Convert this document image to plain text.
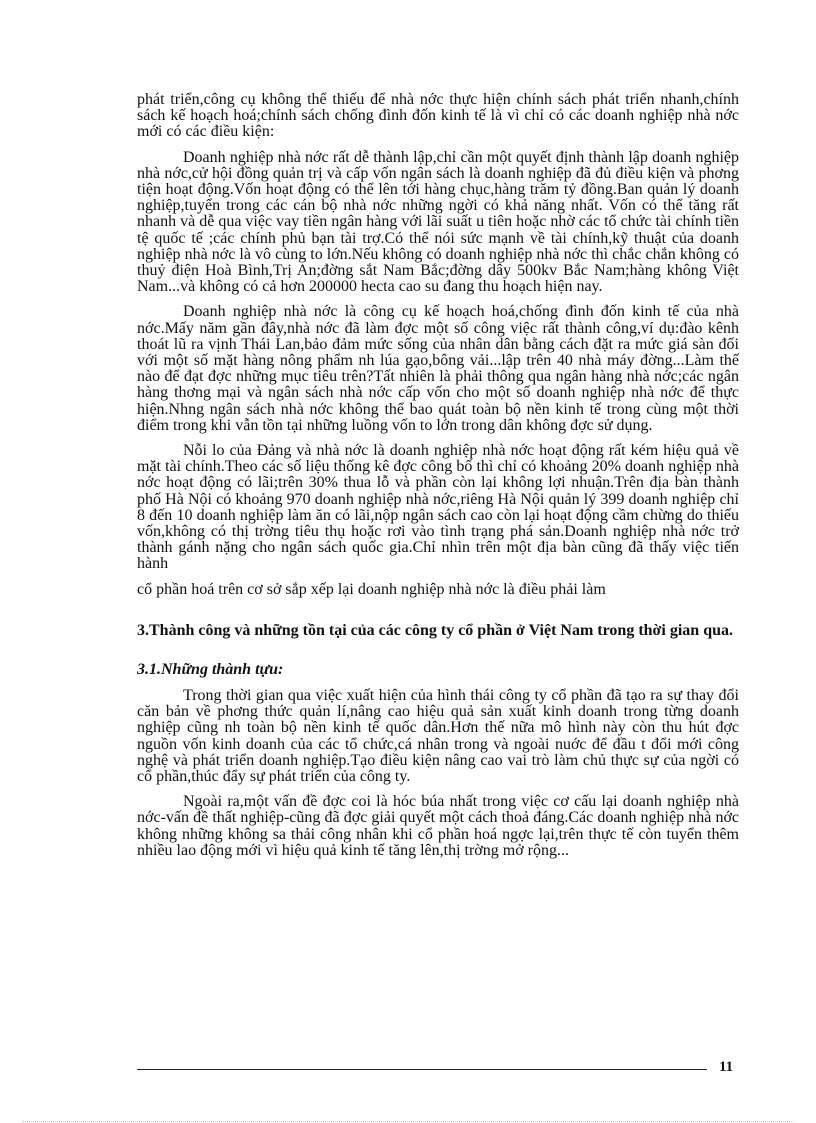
phát triển,công cụ không thể thiếu để nhà nớc thực hiện chính sách phát triển nhanh,chính sách kế hoạch hoá;chính sách chống đình đốn kinh tế là vì chỉ có các doanh nghiệp nhà nớc mới có các điều kiện:

Doanh nghiệp nhà nớc rất dễ thành lập,chỉ cần một quyết định thành lập doanh nghiệp nhà nớc,cử hội đồng quản trị và cấp vốn ngân sách là doanh nghiệp đã đủ điều kiện và phơng tiện hoạt động.Vốn hoạt động có thể lên tới hàng chục,hàng trăm tỷ đồng.Ban quản lý doanh nghiệp,tuyển trong các cán bộ nhà nớc những ngời có khả năng nhất. Vốn có thể tăng rất nhanh và dễ qua việc vay tiền ngân hàng với lãi suất u tiên hoặc nhờ các tổ chức tài chính tiền tệ quốc tế ;các chính phủ bạn tài trợ.Có thể nói sức mạnh về tài chính,kỹ thuật của doanh nghiệp nhà nớc là vô cùng to lớn.Nếu không có doanh nghiệp nhà nớc thì chắc chắn không có thuỷ điện Hoà Bình,Trị An;đờng sắt Nam Bắc;đờng dây 500kv Bắc Nam;hàng không Việt Nam...và không có cả hơn 200000 hecta cao su đang thu hoạch hiện nay.

Doanh nghiệp nhà nớc là công cụ kế hoạch hoá,chống đình đốn kinh tế của nhà nớc.Mấy năm gần đây,nhà nớc đã làm đợc một số công việc rất thành công,ví dụ:đào kênh thoát lũ ra vịnh Thái Lan,bảo đảm mức sống của nhân dân bằng cách đặt ra mức giá sàn đối với một số mặt hàng nông phẩm nh lúa gạo,bông vải...lập trên 40 nhà máy đờng...Làm thế nào để đạt đợc những mục tiêu trên?Tất nhiên là phải thông qua ngân hàng nhà nớc;các ngân hàng thơng mại và ngân sách nhà nớc cấp vốn cho một số doanh nghiệp nhà nớc để thực hiện.Nhng ngân sách nhà nớc không thể bao quát toàn bộ nền kinh tế trong cùng một thời điểm trong khi vẫn tồn tại những luồng vốn to lớn trong dân không đợc sử dụng.

Nỗi lo của Đảng và nhà nớc là doanh nghiệp nhà nớc hoạt động rất kém hiệu quả về mặt tài chính.Theo các số liệu thống kê đợc công bố thì chỉ có khoảng 20% doanh nghiệp nhà nớc hoạt động có lãi;trên 30% thua lỗ và phần còn lại không lợi nhuận.Trên địa bàn thành phố Hà Nội có khoảng 970 doanh nghiệp nhà nớc,riêng Hà Nội quản lý 399 doanh nghiệp chỉ 8 đến 10 doanh nghiệp làm ăn có lãi,nộp ngân sách cao còn lại hoạt động cầm chừng do thiếu vốn,không có thị trờng tiêu thụ hoặc rơi vào tình trạng phá sản.Doanh nghiệp nhà nớc trở thành gánh nặng cho ngân sách quốc gia.Chỉ nhìn trên một địa bàn cũng đã thấy việc tiến hành

cổ phần hoá trên cơ sở sắp xếp lại doanh nghiệp nhà nớc là điều phải làm

3.Thành công và những tồn tại của các công ty cổ phần ở Việt Nam trong thời gian qua.
3.1.Những thành tựu:

Trong thời gian qua việc xuất hiện của hình thái công ty cổ phần đã tạo ra sự thay đổi căn bản về phơng thức quản lí,nâng cao hiệu quả sản xuất kinh doanh trong từng doanh nghiệp cũng nh toàn bộ nền kinh tế quốc dân.Hơn thế nữa mô hình này còn thu hút đợc nguồn vốn kinh doanh của các tổ chức,cá nhân trong và ngoài nuớc để đầu t đổi mới công nghệ và phát triển doanh nghiệp.Tạo điều kiện nâng cao vai trò làm chủ thực sự của ngời có cổ phần,thúc đẩy sự phát triển của công ty.

Ngoài ra,một vấn đề đợc coi là hóc búa nhất trong việc cơ cấu lại doanh nghiệp nhà nớc-vấn đề thất nghiệp-cũng đã đợc giải quyết một cách thoả đáng.Các doanh nghiệp nhà nớc không những không sa thải công nhân khi cổ phần hoá ngợc lại,trên thực tế còn tuyển thêm nhiều lao động mới vì hiệu quả kinh tế tăng lên,thị trờng mở rộng...

11
